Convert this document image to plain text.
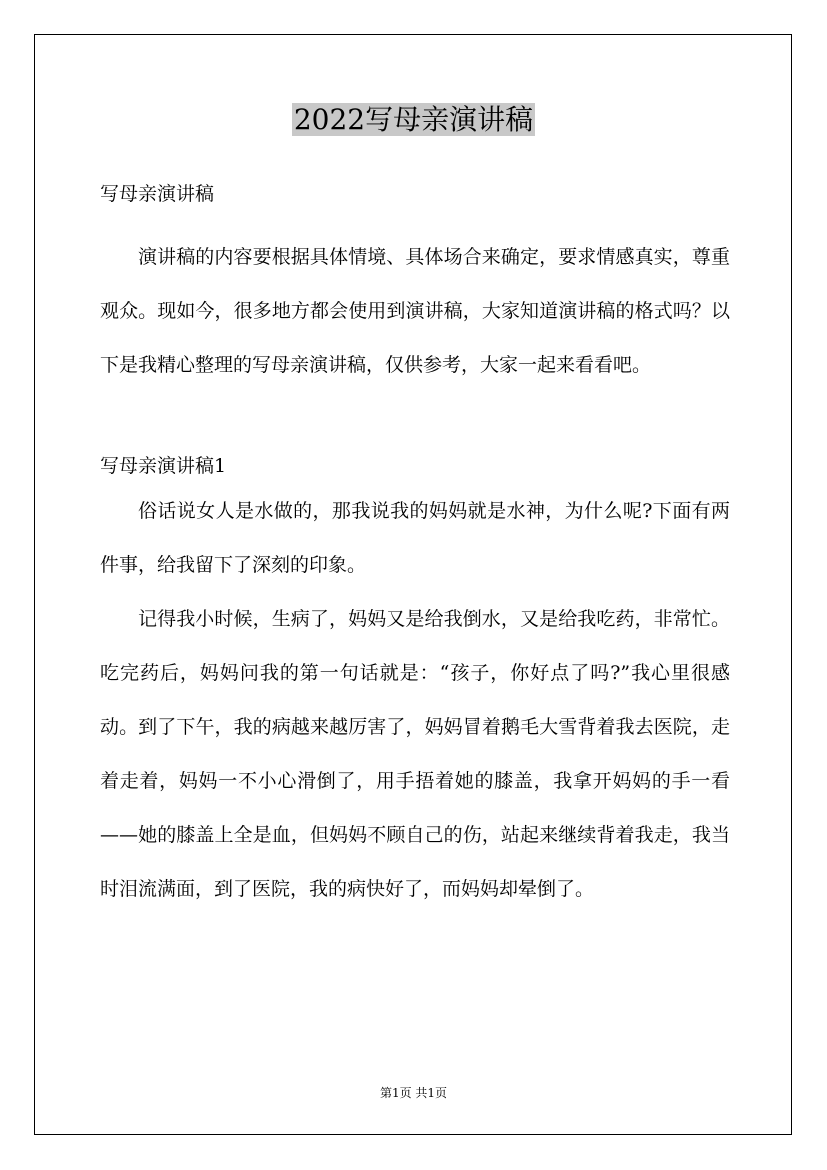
2022写母亲演讲稿

写母亲演讲稿

演讲稿的内容要根据具体情境、具体场合来确定，要求情感真实，尊重观众。现如今，很多地方都会使用到演讲稿，大家知道演讲稿的格式吗？以下是我精心整理的写母亲演讲稿，仅供参考，大家一起来看看吧。

写母亲演讲稿1

俗话说女人是水做的，那我说我的妈妈就是水神，为什么呢?下面有两件事，给我留下了深刻的印象。

记得我小时候，生病了，妈妈又是给我倒水，又是给我吃药，非常忙。吃完药后，妈妈问我的第一句话就是：“孩子，你好点了吗?”我心里很感动。到了下午，我的病越来越厉害了，妈妈冒着鹅毛大雪背着我去医院，走着走着，妈妈一不小心滑倒了，用手捂着她的膝盖，我拿开妈妈的手一看——她的膝盖上全是血，但妈妈不顾自己的伤，站起来继续背着我走，我当时泪流满面，到了医院，我的病快好了，而妈妈却晕倒了。

第1页 共1页
